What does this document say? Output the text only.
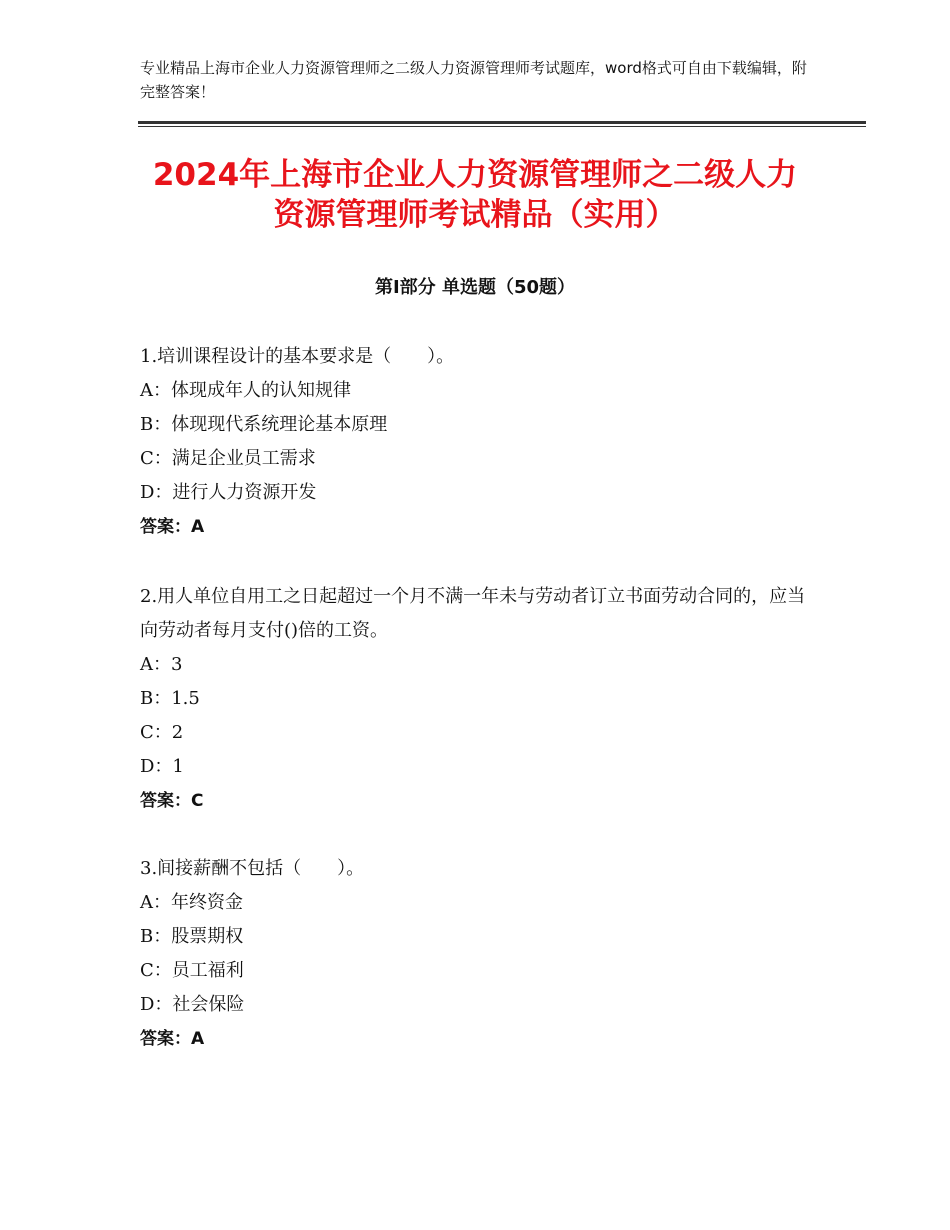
专业精品上海市企业人力资源管理师之二级人力资源管理师考试题库，word格式可自由下载编辑，附完整答案！
2024年上海市企业人力资源管理师之二级人力资源管理师考试精品（实用）
第I部分 单选题（50题）

1.培训课程设计的基本要求是（　　）。

A：体现成年人的认知规律

B：体现现代系统理论基本原理

C：满足企业员工需求

D：进行人力资源开发

答案：A

2.用人单位自用工之日起超过一个月不满一年未与劳动者订立书面劳动合同的，应当向劳动者每月支付()倍的工资。

A：3

B：1.5

C：2

D：1

答案：C

3.间接薪酬不包括（　　）。

A：年终资金

B：股票期权

C：员工福利

D：社会保险

答案：A
